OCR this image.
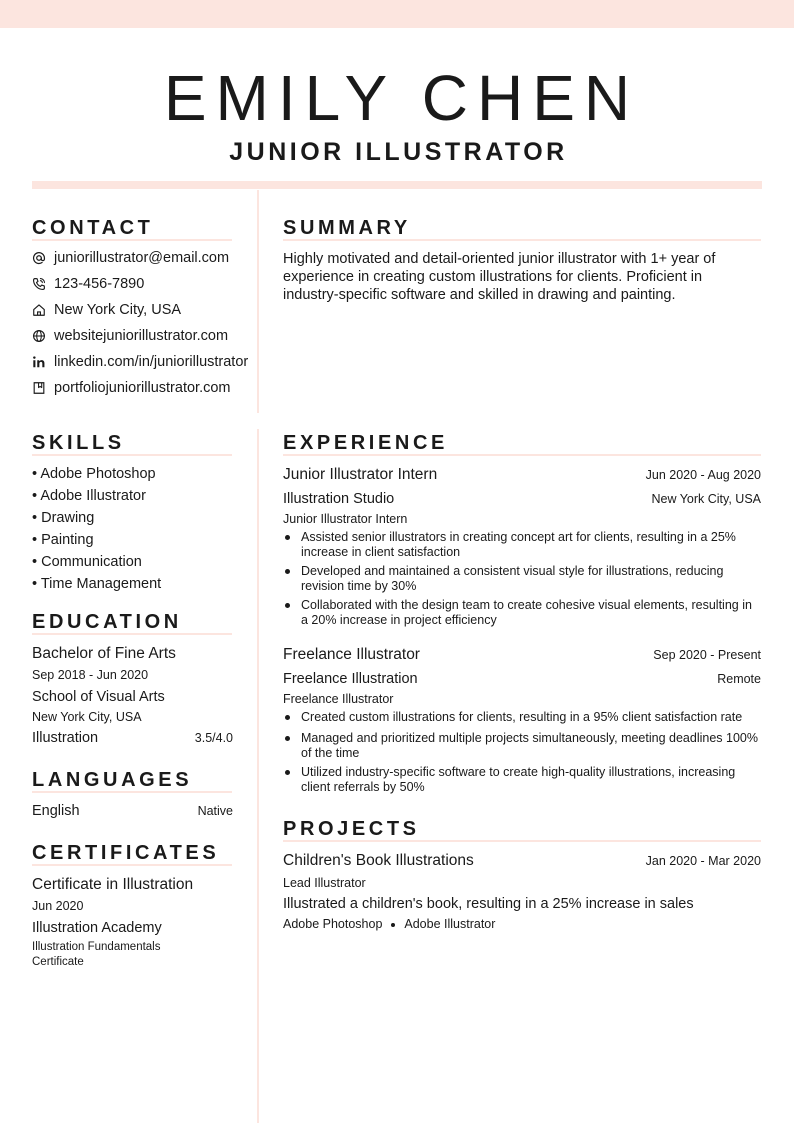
EMILY CHEN
JUNIOR ILLUSTRATOR
CONTACT
juniorillustrator@email.com
123-456-7890
New York City, USA
websitejuniorillustrator.com
linkedin.com/in/juniorillustrator
portfoliojuniorillustrator.com
SUMMARY
Highly motivated and detail-oriented junior illustrator with 1+ year of experience in creating custom illustrations for clients. Proficient in industry-specific software and skilled in drawing and painting.
SKILLS
• Adobe Photoshop
• Adobe Illustrator
• Drawing
• Painting
• Communication
• Time Management
EDUCATION
Bachelor of Fine Arts
Sep 2018 - Jun 2020
School of Visual Arts
New York City, USA
Illustration	3.5/4.0
LANGUAGES
English	Native
CERTIFICATES
Certificate in Illustration
Jun 2020
Illustration Academy
Illustration Fundamentals Certificate
EXPERIENCE
Junior Illustrator Intern	Jun 2020 - Aug 2020
Illustration Studio	New York City, USA
Junior Illustrator Intern
Assisted senior illustrators in creating concept art for clients, resulting in a 25% increase in client satisfaction
Developed and maintained a consistent visual style for illustrations, reducing revision time by 30%
Collaborated with the design team to create cohesive visual elements, resulting in a 20% increase in project efficiency
Freelance Illustrator	Sep 2020 - Present
Freelance Illustration	Remote
Freelance Illustrator
Created custom illustrations for clients, resulting in a 95% client satisfaction rate
Managed and prioritized multiple projects simultaneously, meeting deadlines 100% of the time
Utilized industry-specific software to create high-quality illustrations, increasing client referrals by 50%
PROJECTS
Children's Book Illustrations	Jan 2020 - Mar 2020
Lead Illustrator
Illustrated a children's book, resulting in a 25% increase in sales
Adobe Photoshop Adobe Illustrator
